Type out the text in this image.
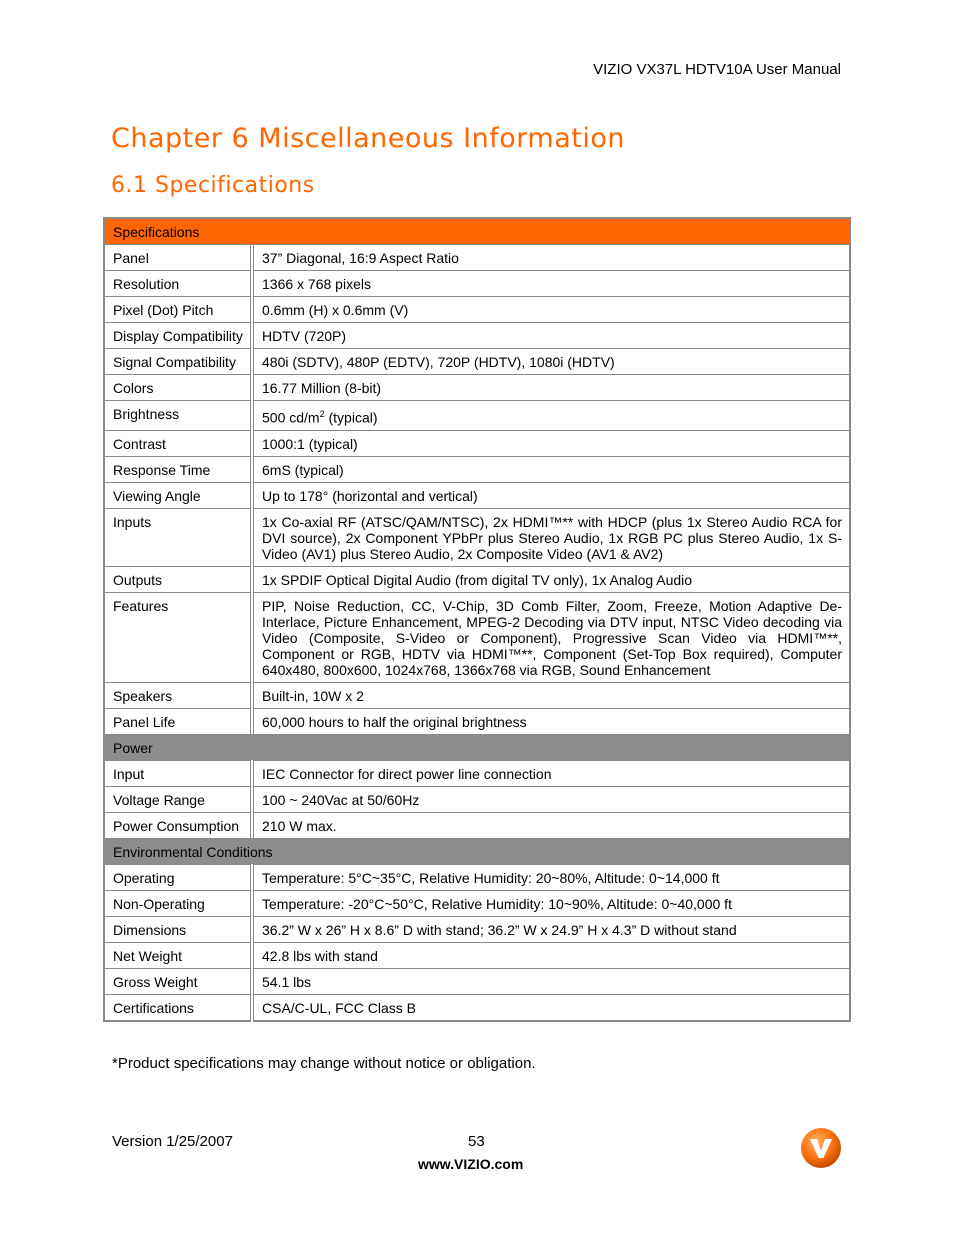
VIZIO VX37L HDTV10A User Manual
Chapter 6 Miscellaneous Information
6.1 Specifications
Specifications	
Panel	37” Diagonal, 16:9 Aspect Ratio
Resolution	1366 x 768 pixels
Pixel (Dot) Pitch	0.6mm (H) x 0.6mm (V)
Display Compatibility	HDTV (720P)
Signal Compatibility	480i (SDTV), 480P (EDTV), 720P (HDTV), 1080i (HDTV)
Colors	16.77 Million (8-bit)
Brightness	500 $cd/m^2$ (typical)
Contrast	1000:1 (typical)
Response Time	6mS (typical)
Viewing Angle	Up to 178° (horizontal and vertical)
Inputs	1x Co-axial RF (ATSC/QAM/NTSC), 2x HDMI™** with HDCP (plus 1x Stereo Audio RCA for DVI source), 2x Component YPbPr plus Stereo Audio, 1x RGB PC plus Stereo Audio, 1x S-Video (AV1) plus Stereo Audio, 2x Composite Video (AV1 & AV2)
Outputs	1x SPDIF Optical Digital Audio (from digital TV only), 1x Analog Audio
Features	PIP, Noise Reduction, CC, V-Chip, 3D Comb Filter, Zoom, Freeze, Motion Adaptive De-Interlace, Picture Enhancement, MPEG-2 Decoding via DTV input, NTSC Video decoding via Video (Composite, S-Video or Component), Progressive Scan Video via HDMI™**, Component or RGB, HDTV via HDMI™**, Component (Set-Top Box required), Computer 640x480, 800x600, 1024x768, 1366x768 via RGB, Sound Enhancement
Speakers	Built-in, 10W x 2
Panel Life	60,000 hours to half the original brightness
Power	
Input	IEC Connector for direct power line connection
Voltage Range	100 ~ 240Vac at 50/60Hz
Power Consumption	210 W max.
Environmental Conditions	
Operating	Temperature: 5°C~35°C, Relative Humidity: 20~80%, Altitude: 0~14,000 ft
Non-Operating	Temperature: -20°C~50°C, Relative Humidity: 10~90%, Altitude: 0~40,000 ft
Dimensions	36.2” W x 26” H x 8.6” D with stand; 36.2” W x 24.9” H x 4.3” D without stand
Net Weight	42.8 lbs with stand
Gross Weight	54.1 lbs
Certifications	CSA/C-UL, FCC Class B
*Product specifications may change without notice or obligation.
Version 1/25/2007	53
www.VIZIO.com
